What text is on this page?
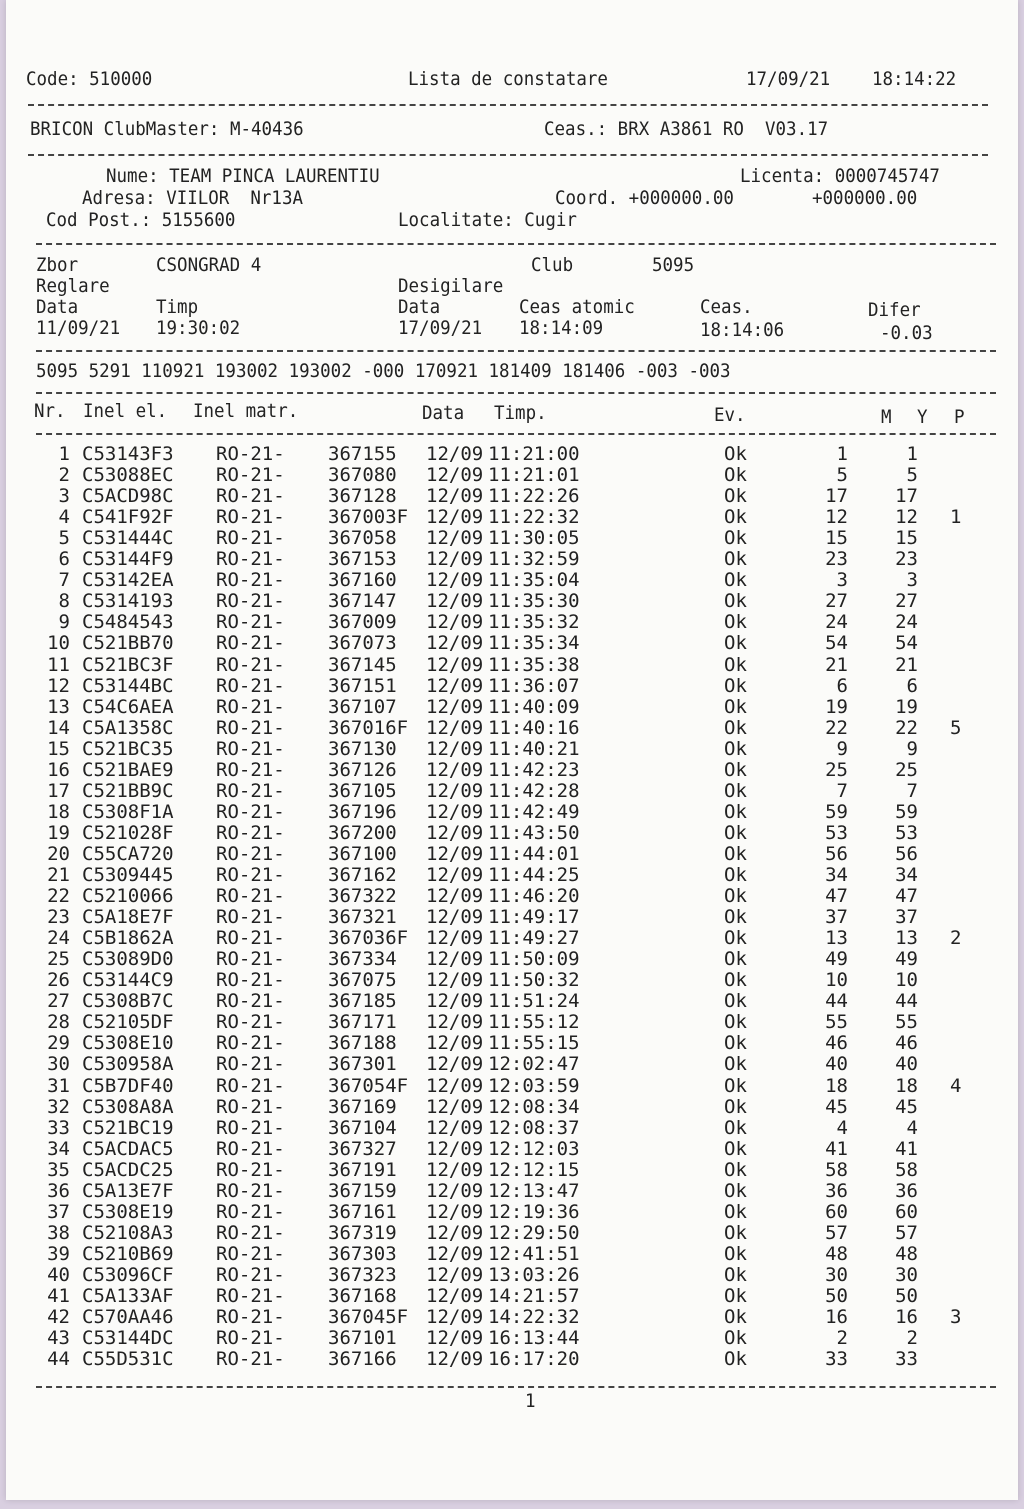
Code: 510000	Lista de constatare	17/09/21 18:14:22
BRICON ClubMaster: M-40436	Ceas.: BRX A3861 RO  V03.17
Nume: TEAM PINCA LAURENTIU	Licenta: 0000745747
Adresa: VIILOR  Nr13A	Coord. +000000.00	+000000.00
Cod Post.: 5155600	Localitate: Cugir
Zbor	CSONGRAD 4	Club	5095
Reglare	Desigilare
Data	Timp	Data	Ceas atomic	Ceas.	Difer
11/09/21 19:30:02	17/09/21 18:14:09	18:14:06	-0.03
5095 5291 110921 193002 193002 -000 170921 181409 181406 -003 -003
Nr. Inel el. Inel matr.	Data Timp.	Ev.	M Y P
1 C53143F3 RO-21- 367155 12/09 11:21:00	Ok	1	1
2 C53088EC RO-21- 367080 12/09 11:21:01	Ok	5	5
3 C5ACD98C RO-21- 367128 12/09 11:22:26	Ok	17 17
4 C541F92F RO-21- 367003F 12/09 11:22:32	Ok	12 12 1
5 C531444C RO-21- 367058 12/09 11:30:05	Ok	15 15
6 C53144F9 RO-21- 367153 12/09 11:32:59	Ok	23 23
7 C53142EA RO-21- 367160 12/09 11:35:04	Ok	3	3
8 C5314193 RO-21- 367147 12/09 11:35:30	Ok	27 27
9 C5484543 RO-21- 367009 12/09 11:35:32	Ok	24 24
10 C521BB70 RO-21- 367073 12/09 11:35:34	Ok	54 54
11 C521BC3F RO-21- 367145 12/09 11:35:38	Ok	21 21
12 C53144BC RO-21- 367151 12/09 11:36:07	Ok	6	6
13 C54C6AEA RO-21- 367107 12/09 11:40:09	Ok	19 19
14 C5A1358C RO-21- 367016F 12/09 11:40:16	Ok	22 22 5
15 C521BC35 RO-21- 367130 12/09 11:40:21	Ok	9	9
16 C521BAE9 RO-21- 367126 12/09 11:42:23	Ok	25 25
17 C521BB9C RO-21- 367105 12/09 11:42:28	Ok	7	7
18 C5308F1A RO-21- 367196 12/09 11:42:49	Ok	59 59
19 C521028F RO-21- 367200 12/09 11:43:50	Ok	53 53
20 C55CA720 RO-21- 367100 12/09 11:44:01	Ok	56 56
21 C5309445 RO-21- 367162 12/09 11:44:25	Ok	34 34
22 C5210066 RO-21- 367322 12/09 11:46:20	Ok	47 47
23 C5A18E7F RO-21- 367321 12/09 11:49:17	Ok	37 37
24 C5B1862A RO-21- 367036F 12/09 11:49:27	Ok	13 13 2
25 C53089D0 RO-21- 367334 12/09 11:50:09	Ok	49 49
26 C53144C9 RO-21- 367075 12/09 11:50:32	Ok	10 10
27 C5308B7C RO-21- 367185 12/09 11:51:24	Ok	44 44
28 C52105DF RO-21- 367171 12/09 11:55:12	Ok	55 55
29 C5308E10 RO-21- 367188 12/09 11:55:15	Ok	46 46
30 C530958A RO-21- 367301 12/09 12:02:47	Ok	40 40
31 C5B7DF40 RO-21- 367054F 12/09 12:03:59	Ok	18 18 4
32 C5308A8A RO-21- 367169 12/09 12:08:34	Ok	45 45
33 C521BC19 RO-21- 367104 12/09 12:08:37	Ok	4	4
34 C5ACDAC5 RO-21- 367327 12/09 12:12:03	Ok	41 41
35 C5ACDC25 RO-21- 367191 12/09 12:12:15	Ok	58 58
36 C5A13E7F RO-21- 367159 12/09 12:13:47	Ok	36 36
37 C5308E19 RO-21- 367161 12/09 12:19:36	Ok	60 60
38 C52108A3 RO-21- 367319 12/09 12:29:50	Ok	57 57
39 C5210B69 RO-21- 367303 12/09 12:41:51	Ok	48 48
40 C53096CF RO-21- 367323 12/09 13:03:26	Ok	30 30
41 C5A133AF RO-21- 367168 12/09 14:21:57	Ok	50 50
42 C570AA46 RO-21- 367045F 12/09 14:22:32	Ok	16 16 3
43 C53144DC RO-21- 367101 12/09 16:13:44	Ok	2	2
44 C55D531C RO-21- 367166 12/09 16:17:20	Ok	33 33
1
